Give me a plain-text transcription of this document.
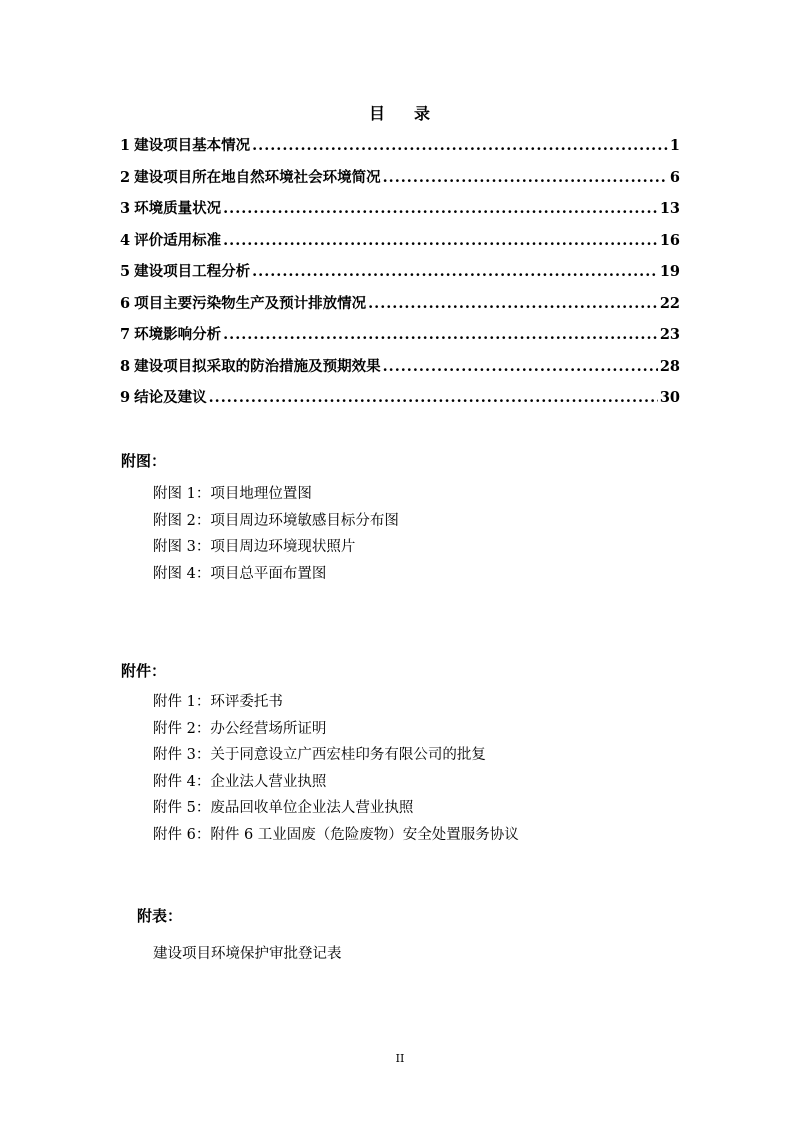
目 录
1 建设项目基本情况 .....	1
2 建设项目所在地自然环境社会环境简况 .....	6
3 环境质量状况 .....	13
4 评价适用标准 .....	16
5 建设项目工程分析 .....	19
6 项目主要污染物生产及预计排放情况 .....	22
7 环境影响分析 .....	23
8 建设项目拟采取的防治措施及预期效果 .....	28
9 结论及建议 .....	30
附图：
附图 1：项目地理位置图
附图 2：项目周边环境敏感目标分布图
附图 3：项目周边环境现状照片
附图 4：项目总平面布置图
附件：
附件 1：环评委托书
附件 2：办公经营场所证明
附件 3：关于同意设立广西宏桂印务有限公司的批复
附件 4：企业法人营业执照
附件 5：废品回收单位企业法人营业执照
附件 6：附件 6 工业固废（危险废物）安全处置服务协议
附表：
建设项目环境保护审批登记表
II
